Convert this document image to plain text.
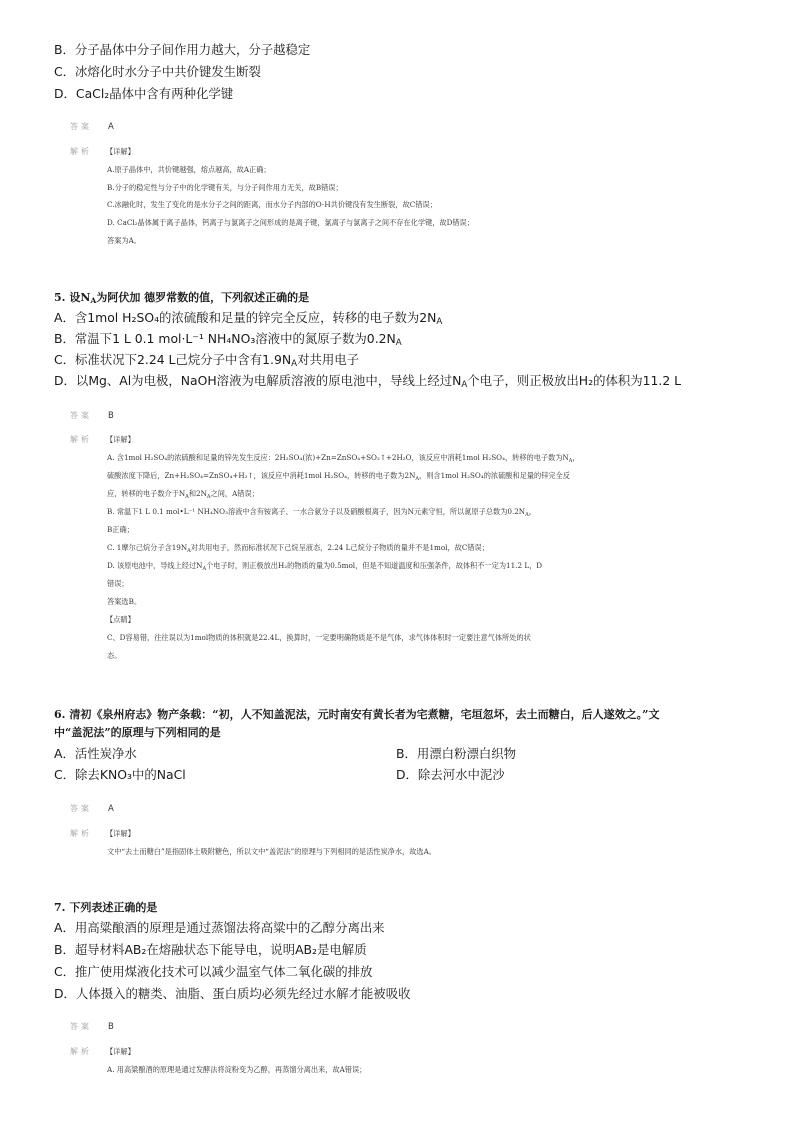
B．分子晶体中分子间作用力越大，分子越稳定
C．冰熔化时水分子中共价键发生断裂
D．CaCl₂晶体中含有两种化学键
答案 A
解析 【详解】
A.原子晶体中，共价键越强，熔点越高，故A正确；
B.分子的稳定性与分子中的化学键有关，与分子间作用力无关，故B错误；
C.冰融化时，发生了变化的是水分子之间的距离，而水分子内部的O-H共价键没有发生断裂，故C错误；
D. CaCl₂晶体属于离子晶体，钙离子与氯离子之间形成的是离子键，氯离子与氯离子之间不存在化学键，故D错误；
答案为A。
5. 设$N_A$为阿伏加 德罗常数的值，下列叙述正确的是
A．含1mol H₂SO₄的浓硫酸和足量的锌完全反应，转移的电子数为$2N_A$
B．常温下1 L 0.1 mol·L⁻¹ NH₄NO₃溶液中的氮原子数为$0.2N_A$
C．标准状况下2.24 L己烷分子中含有$1.9N_A$对共用电子
D．以Mg、Al为电极，NaOH溶液为电解质溶液的原电池中，导线上经过$N_A$个电子，则正极放出H₂的体积为11.2 L
答案 B
解析 【详解】
A. 含1mol H₂SO₄的浓硫酸和足量的锌先发生反应：2H₂SO₄(浓)+Zn=ZnSO₄+SO₂↑+2H₂O，该反应中消耗1mol H₂SO₄，转移的电子数为$N_A$，
硫酸浓度下降后，Zn+H₂SO₄=ZnSO₄+H₂↑，该反应中消耗1mol H₂SO₄，转移的电子数为$2N_A$，则含1mol H₂SO₄的浓硫酸和足量的锌完全反
应，转移的电子数介于$N_A$和$2N_A$之间，A错误；
B. 常温下1 L 0.1 mol•L⁻¹ NH₄NO₃溶液中含有铵离子、一水合氨分子以及硝酸根离子，因为N元素守恒，所以氮原子总数为$0.2N_A$，
B正确；
C. 1摩尔己烷分子含$19N_A$对共用电子，然而标准状况下己烷呈液态，2.24 L己烷分子物质的量并不是1mol，故C错误；
D. 该原电池中，导线上经过$N_A$个电子时，则正极放出H₂的物质的量为0.5mol，但是不知道温度和压强条件，故体积不一定为11.2 L，D
错误；
答案选B。
【点睛】
C、D容易错，往往误以为1mol物质的体积就是22.4L，换算时，一定要明确物质是不是气体，求气体体积时一定要注意气体所处的状
态。
6. 清初《泉州府志》物产条载：“初，人不知盖泥法，元时南安有黄长者为宅煮糖，宅垣忽坏，去土而糖白，后人遂效之。”文
中“盖泥法”的原理与下列相同的是
A．活性炭净水	B．用漂白粉漂白织物
C．除去KNO₃中的NaCl	D．除去河水中泥沙
答案 A
解析 【详解】
文中“去土而糖白”是指固体土吸附糖色，所以文中“盖泥法”的原理与下列相同的是活性炭净水，故选A。
7. 下列表述正确的是
A．用高粱酿酒的原理是通过蒸馏法将高粱中的乙醇分离出来
B．超导材料AB₂在熔融状态下能导电，说明AB₂是电解质
C．推广使用煤液化技术可以减少温室气体二氧化碳的排放
D．人体摄入的糖类、油脂、蛋白质均必须先经过水解才能被吸收
答案 B
解析 【详解】
A. 用高粱酿酒的原理是通过发酵法将淀粉变为乙醇，再蒸馏分离出来，故A错误；
